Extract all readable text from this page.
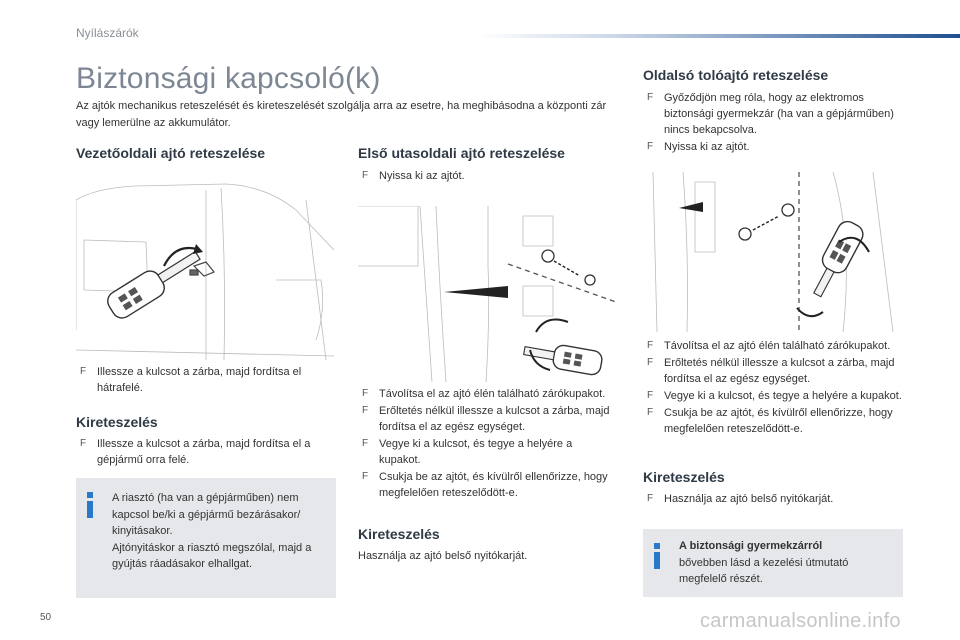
Nyílászárók
Biztonsági kapcsoló(k)

Az ajtók mechanikus reteszelését és kireteszelését szolgálja arra az esetre, ha meghibásodna a központi zár vagy lemerülne az akkumulátor.

Vezetőoldali ajtó reteszelése
F Illessze a kulcsot a zárba, majd fordítsa el hátrafelé.
Kireteszelés
F Illessze a kulcsot a zárba, majd fordítsa el a gépjármű orra felé.
A riasztó (ha van a gépjárműben) nem kapcsol be/ki a gépjármű bezárásakor/ kinyitásakor.
Ajtónyitáskor a riasztó megszólal, majd a gyújtás ráadásakor elhallgat.
Első utasoldali ajtó reteszelése
F Nyissa ki az ajtót.
F Távolítsa el az ajtó élén található zárókupakot.
F Erőltetés nélkül illessze a kulcsot a zárba, majd fordítsa el az egész egységet.
F Vegye ki a kulcsot, és tegye a helyére a kupakot.
F Csukja be az ajtót, és kívülről ellenőrizze, hogy megfelelően reteszelődött-e.
Kireteszelés

Használja az ajtó belső nyitókarját.

Oldalsó tolóajtó reteszelése
F Győződjön meg róla, hogy az elektromos biztonsági gyermekzár (ha van a gépjárműben) nincs bekapcsolva.
F Nyissa ki az ajtót.
F Távolítsa el az ajtó élén található zárókupakot.
F Erőltetés nélkül illessze a kulcsot a zárba, majd fordítsa el az egész egységet.
F Vegye ki a kulcsot, és tegye a helyére a kupakot.
F Csukja be az ajtót, és kívülről ellenőrizze, hogy megfelelően reteszelődött-e.
Kireteszelés
F Használja az ajtó belső nyitókarját.
A biztonsági gyermekzárról
bővebben lásd a kezelési útmutató megfelelő részét.
50	carmanualsonline.info
